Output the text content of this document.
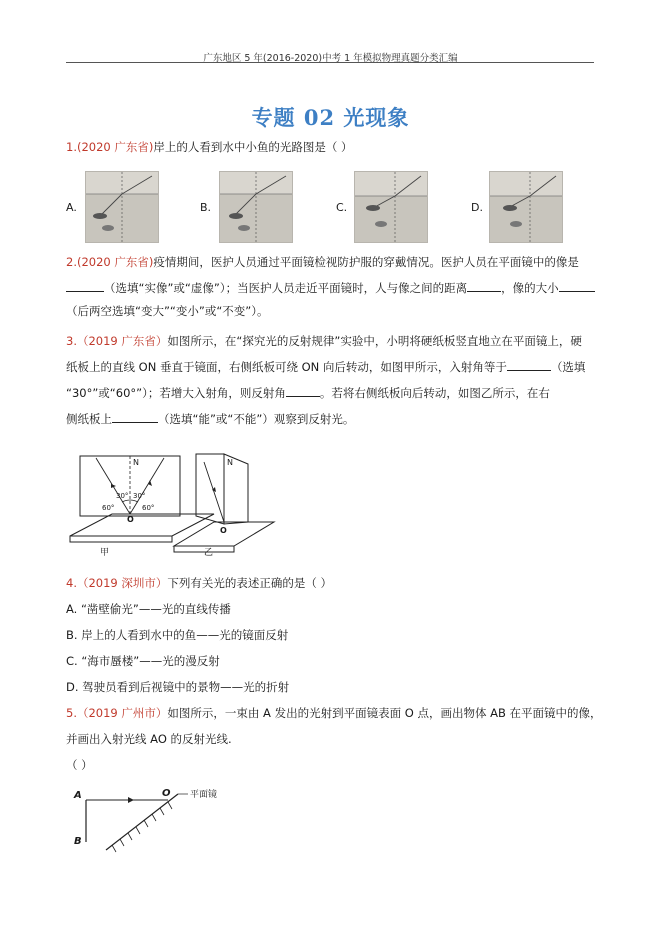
广东地区 5 年(2016-2020)中考 1 年模拟物理真题分类汇编
专题 02 光现象
1.(2020 广东省)岸上的人看到水中小鱼的光路图是（ ）
A.	B.	C.	D.
2.(2020 广东省)疫情期间，医护人员通过平面镜检视防护服的穿戴情况。医护人员在平面镜中的像是
（选填“实像”或“虚像”）；当医护人员走近平面镜时，人与像之间的距离	，像的大小
（后两空选填“变大”“变小”或“不变”）。
3.（2019 广东省）如图所示，在“探究光的反射规律”实验中，小明将硬纸板竖直地立在平面镜上，硬
纸板上的直线 ON 垂直于镜面，右侧纸板可绕 ON 向后转动，如图甲所示，入射角等于	（选填
“30°”或“60°”）；若增大入射角，则反射角	。若将右侧纸板向后转动，如图乙所示，在右
侧纸板上	（选填“能”或“不能”）观察到反射光。
N
30° 30°
60°	60°
O
O
N
甲	乙
4.（2019 深圳市）下列有关光的表述正确的是（ ）
A. “凿壁偷光”——光的直线传播
B. 岸上的人看到水中的鱼——光的镜面反射
C. “海市蜃楼”——光的漫反射
D. 驾驶员看到后视镜中的景物——光的折射
5.（2019 广州市）如图所示，一束由 A 发出的光射到平面镜表面 O 点，画出物体 AB 在平面镜中的像，
并画出入射光线 AO 的反射光线.
（ ）
A
B
O 平面镜
